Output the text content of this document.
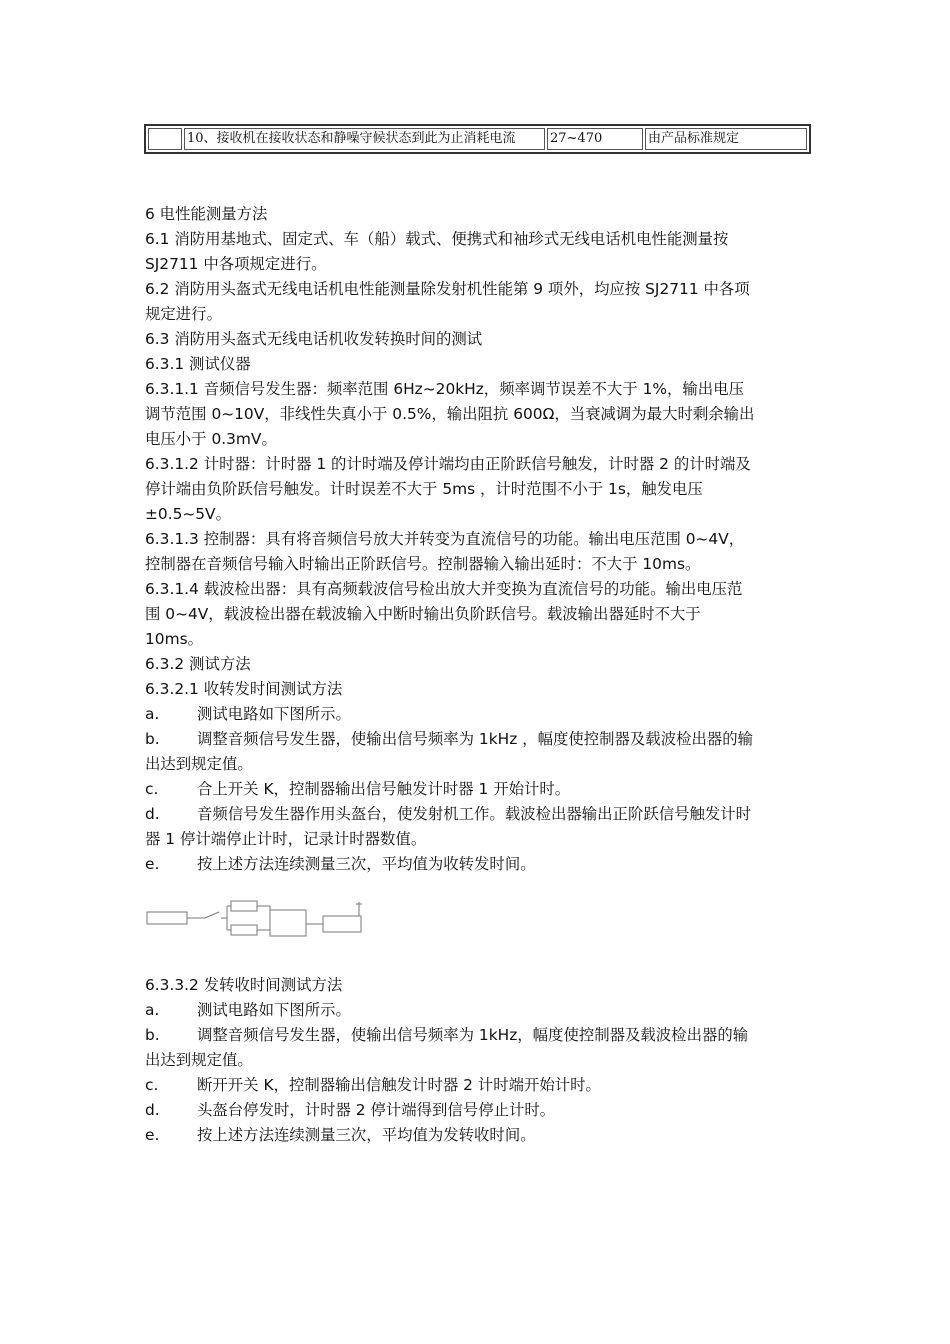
	10、接收机在接收状态和静噪守候状态到此为止消耗电流	27~470	由产品标准规定

6 电性能测量方法

6.1 消防用基地式、固定式、车（船）载式、便携式和袖珍式无线电话机电性能测量按

SJ2711 中各项规定进行。

6.2 消防用头盔式无线电话机电性能测量除发射机性能第 9 项外，均应按 SJ2711 中各项

规定进行。

6.3 消防用头盔式无线电话机收发转换时间的测试

6.3.1 测试仪器

6.3.1.1 音频信号发生器：频率范围 6Hz~20kHz，频率调节误差不大于 1%，输出电压

调节范围 0~10V，非线性失真小于 0.5%，输出阻抗 600Ω，当衰减调为最大时剩余输出

电压小于 0.3mV。

6.3.1.2 计时器：计时器 1 的计时端及停计端均由正阶跃信号触发，计时器 2 的计时端及

停计端由负阶跃信号触发。计时误差不大于 5ms ，计时范围不小于 1s，触发电压

±0.5~5V。

6.3.1.3 控制器：具有将音频信号放大并转变为直流信号的功能。输出电压范围 0~4V，

控制器在音频信号输入时输出正阶跃信号。控制器输入输出延时：不大于 10ms。

6.3.1.4 载波检出器：具有高频载波信号检出放大并变换为直流信号的功能。输出电压范

围 0~4V，载波检出器在载波输入中断时输出负阶跃信号。载波输出器延时不大于

10ms。

6.3.2 测试方法

6.3.2.1 收转发时间测试方法

a.	测试电路如下图所示。

b.	调整音频信号发生器，使输出信号频率为 1kHz ，幅度使控制器及载波检出器的输

出达到规定值。

c.	合上开关 K，控制器输出信号触发计时器 1 开始计时。

d.	音频信号发生器作用头盔台，使发射机工作。载波检出器输出正阶跃信号触发计时

器 1 停计端停止计时，记录计时器数值。

e.	按上述方法连续测量三次，平均值为收转发时间。

6.3.3.2 发转收时间测试方法

a.	测试电路如下图所示。

b.	调整音频信号发生器，使输出信号频率为 1kHz，幅度使控制器及载波检出器的输

出达到规定值。

c.	断开开关 K，控制器输出信触发计时器 2 计时端开始计时。

d.	头盔台停发时，计时器 2 停计端得到信号停止计时。

e.	按上述方法连续测量三次，平均值为发转收时间。
